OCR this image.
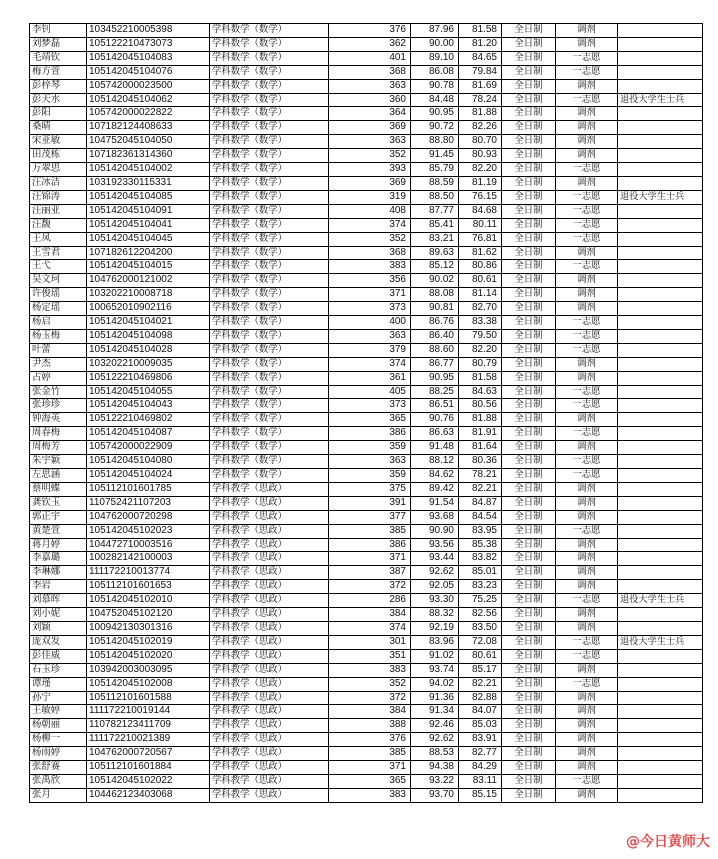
李钊	103452210005398	学科数学（数学）	376	87.96	81.58	全日制	调剂	
刘梦磊	105122210473073	学科数学（数学）	362	90.00	81.20	全日制	调剂	
毛靖钦	105142045104083	学科数学（数学）	401	89.10	84.65	全日制	一志愿	
梅方萱	105142045104076	学科数学（数学）	368	86.08	79.84	全日制	一志愿	
彭梓琴	105742000023500	学科数学（数学）	363	90.78	81.69	全日制	调剂	
彭天水	105142045104062	学科数学（数学）	360	84.48	78.24	全日制	一志愿	退役大学生士兵
彭阳	105742000022822	学科数学（数学）	364	90.95	81.88	全日制	调剂	
桑晴	107182124408633	学科数学（数学）	369	90.72	82.26	全日制	调剂	
宋亚敏	104752045104050	学科数学（数学）	363	88.80	80.70	全日制	调剂	
田茂栋	107182361314360	学科数学（数学）	352	91.45	80.93	全日制	调剂	
万翠思	105142045104002	学科数学（数学）	393	85.79	82.20	全日制	一志愿	
汪冰洁	103192330115331	学科数学（数学）	369	88.59	81.19	全日制	调剂	
汪锦涛	105142045104085	学科数学（数学）	319	88.50	76.15	全日制	一志愿	退役大学生士兵
汪丽亚	105142045104091	学科数学（数学）	408	87.77	84.68	全日制	一志愿	
汪馥	105142045104041	学科数学（数学）	374	85.41	80.11	全日制	一志愿	
王凤	105142045104045	学科数学（数学）	352	83.21	76.81	全日制	一志愿	
王雪君	107182612204200	学科数学（数学）	368	89.63	81.62	全日制	调剂	
王弋	105142045104015	学科数学（数学）	383	85.12	80.86	全日制	一志愿	
吴文珂	104762000121002	学科数学（数学）	356	90.02	80.61	全日制	调剂	
许俊瑶	103202210008718	学科数学（数学）	371	88.08	81.14	全日制	调剂	
杨定瑶	100652010902116	学科数学（数学）	373	90.81	82.70	全日制	调剂	
杨启	105142045104021	学科数学（数学）	400	86.76	83.38	全日制	一志愿	
杨玉梅	105142045104098	学科数学（数学）	363	86.40	79.50	全日制	一志愿	
叶蕾	105142045104028	学科数学（数学）	379	88.60	82.20	全日制	一志愿	
尹杰	103202210009035	学科数学（数学）	374	86.77	80.79	全日制	调剂	
占婷	105122210469806	学科数学（数学）	361	90.95	81.58	全日制	调剂	
张金竹	105142045104055	学科数学（数学）	405	88.25	84.63	全日制	一志愿	
张珍珍	105142045104043	学科数学（数学）	373	86.51	80.56	全日制	一志愿	
钟海英	105122210469802	学科数学（数学）	365	90.76	81.88	全日制	调剂	
周春梅	105142045104087	学科数学（数学）	386	86.63	81.91	全日制	一志愿	
周梅芳	105742000022909	学科数学（数学）	359	91.48	81.64	全日制	调剂	
朱宇颖	105142045104080	学科数学（数学）	363	88.12	80.36	全日制	一志愿	
左思涵	105142045104024	学科数学（数学）	359	84.62	78.21	全日制	一志愿	
蔡明蝶	105112101601785	学科教学（思政）	375	89.42	82.21	全日制	调剂	
龚钦玉	110752421107203	学科教学（思政）	391	91.54	84.87	全日制	调剂	
郭正宇	104762000720298	学科教学（思政）	377	93.68	84.54	全日制	调剂	
黄楚萱	105142045102023	学科教学（思政）	385	90.90	83.95	全日制	一志愿	
蒋月婷	104472710003516	学科教学（思政）	386	93.56	85.38	全日制	调剂	
李嘉璐	100282142100003	学科教学（思政）	371	93.44	83.82	全日制	调剂	
李琳娜	111172210013774	学科教学（思政）	387	92.62	85.01	全日制	调剂	
李岩	105112101601653	学科教学（思政）	372	92.05	83.23	全日制	调剂	
刘慕晖	105142045102010	学科教学（思政）	286	93.30	75.25	全日制	一志愿	退役大学生士兵
刘小妮	104752045102120	学科教学（思政）	384	88.32	82.56	全日制	调剂	
刘颖	100942130301316	学科教学（思政）	374	92.19	83.50	全日制	调剂	
庞双发	105142045102019	学科教学（思政）	301	83.96	72.08	全日制	一志愿	退役大学生士兵
彭佳威	105142045102020	学科教学（思政）	351	91.02	80.61	全日制	一志愿	
石玉珍	103942003003095	学科教学（思政）	383	93.74	85.17	全日制	调剂	
谭瑾	105142045102008	学科教学（思政）	352	94.02	82.21	全日制	一志愿	
孙宁	105112101601588	学科教学（思政）	372	91.36	82.88	全日制	调剂	
王敏婷	111172210019144	学科教学（思政）	384	91.34	84.07	全日制	调剂	
杨朝丽	110782123411709	学科教学（思政）	388	92.46	85.03	全日制	调剂	
杨柳一	111172210021389	学科教学（思政）	376	92.62	83.91	全日制	调剂	
杨雨婷	104762000720567	学科教学（思政）	385	88.53	82.77	全日制	调剂	
张舒赛	105112101601884	学科教学（思政）	371	94.38	84.29	全日制	调剂	
张禹欣	105142045102022	学科教学（思政）	365	93.22	83.11	全日制	一志愿	
张月	104462123403068	学科教学（思政）	383	93.70	85.15	全日制	调剂	
@今日黄师大
